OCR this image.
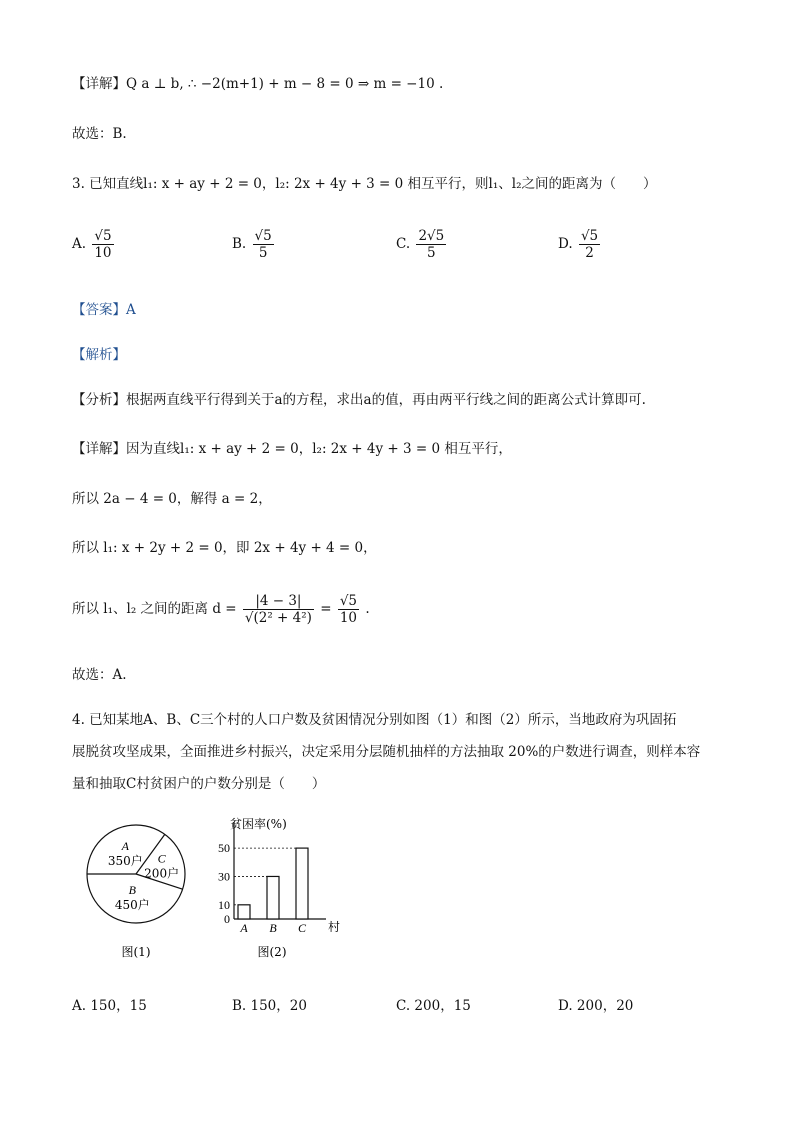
【详解】Q a ⊥ b, ∴ −2(m+1) + m − 8 = 0 ⇒ m = −10 .
故选：B.
3. 已知直线l₁: x + ay + 2 = 0，l₂: 2x + 4y + 3 = 0 相互平行，则l₁、l₂之间的距离为（　　）
A. $\frac{√5}{10}$	B. $\frac{√5}{5}$	C. $\frac{2√5}{5}$	D. $\frac{√5}{2}$
【答案】A
【解析】
【分析】根据两直线平行得到关于a的方程，求出a的值，再由两平行线之间的距离公式计算即可.
【详解】因为直线l₁: x + ay + 2 = 0，l₂: 2x + 4y + 3 = 0 相互平行，
所以 2a − 4 = 0，解得 a = 2，
所以 l₁: x + 2y + 2 = 0，即 2x + 4y + 4 = 0，
所以 l₁、l₂ 之间的距离 $d = \frac{|4 - 3|}{\text{√(2² + 4²)}} = \frac{√5}{10}$ .
故选：A.
4. 已知某地A、B、C三个村的人口户数及贫困情况分别如图（1）和图（2）所示，当地政府为巩固拓
展脱贫攻坚成果，全面推进乡村振兴，决定采用分层随机抽样的方法抽取 20%的户数进行调查，则样本容
量和抽取C村贫困户的户数分别是（　　）
A
350户 C
200户
B
450户
图(1)
贫困率(%)
村
0
10
30
50
A B C
图(2)
A. 150，15	B. 150，20	C. 200，15	D. 200，20
